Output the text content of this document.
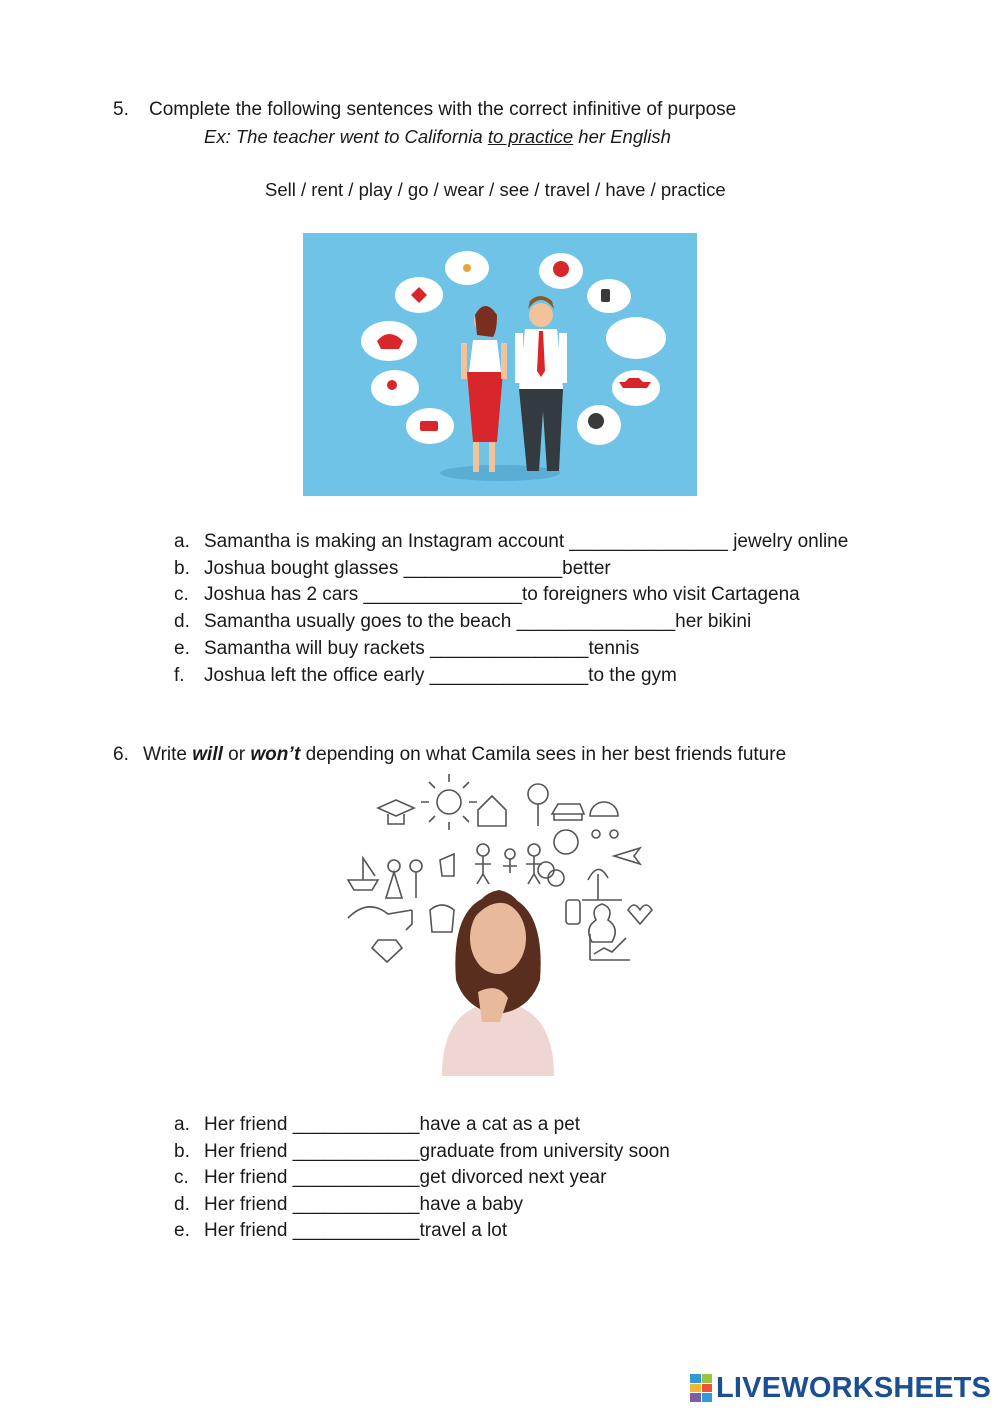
5. Complete the following sentences with the correct infinitive of purpose
Ex: The teacher went to California to practice her English
Sell / rent / play / go / wear / see / travel / have / practice
a. Samantha is making an Instagram account _______________ jewelry online
b. Joshua bought glasses _______________better
c. Joshua has 2 cars _______________to foreigners who visit Cartagena
d. Samantha usually goes to the beach _______________her bikini
e. Samantha will buy rackets _______________tennis
f. Joshua left the office early _______________to the gym
6. Write will or won’t depending on what Camila sees in her best friends future
a. Her friend ____________have a cat as a pet
b. Her friend ____________graduate from university soon
c. Her friend ____________get divorced next year
d. Her friend ____________have a baby
e. Her friend ____________travel a lot
LIVEWORKSHEETS
